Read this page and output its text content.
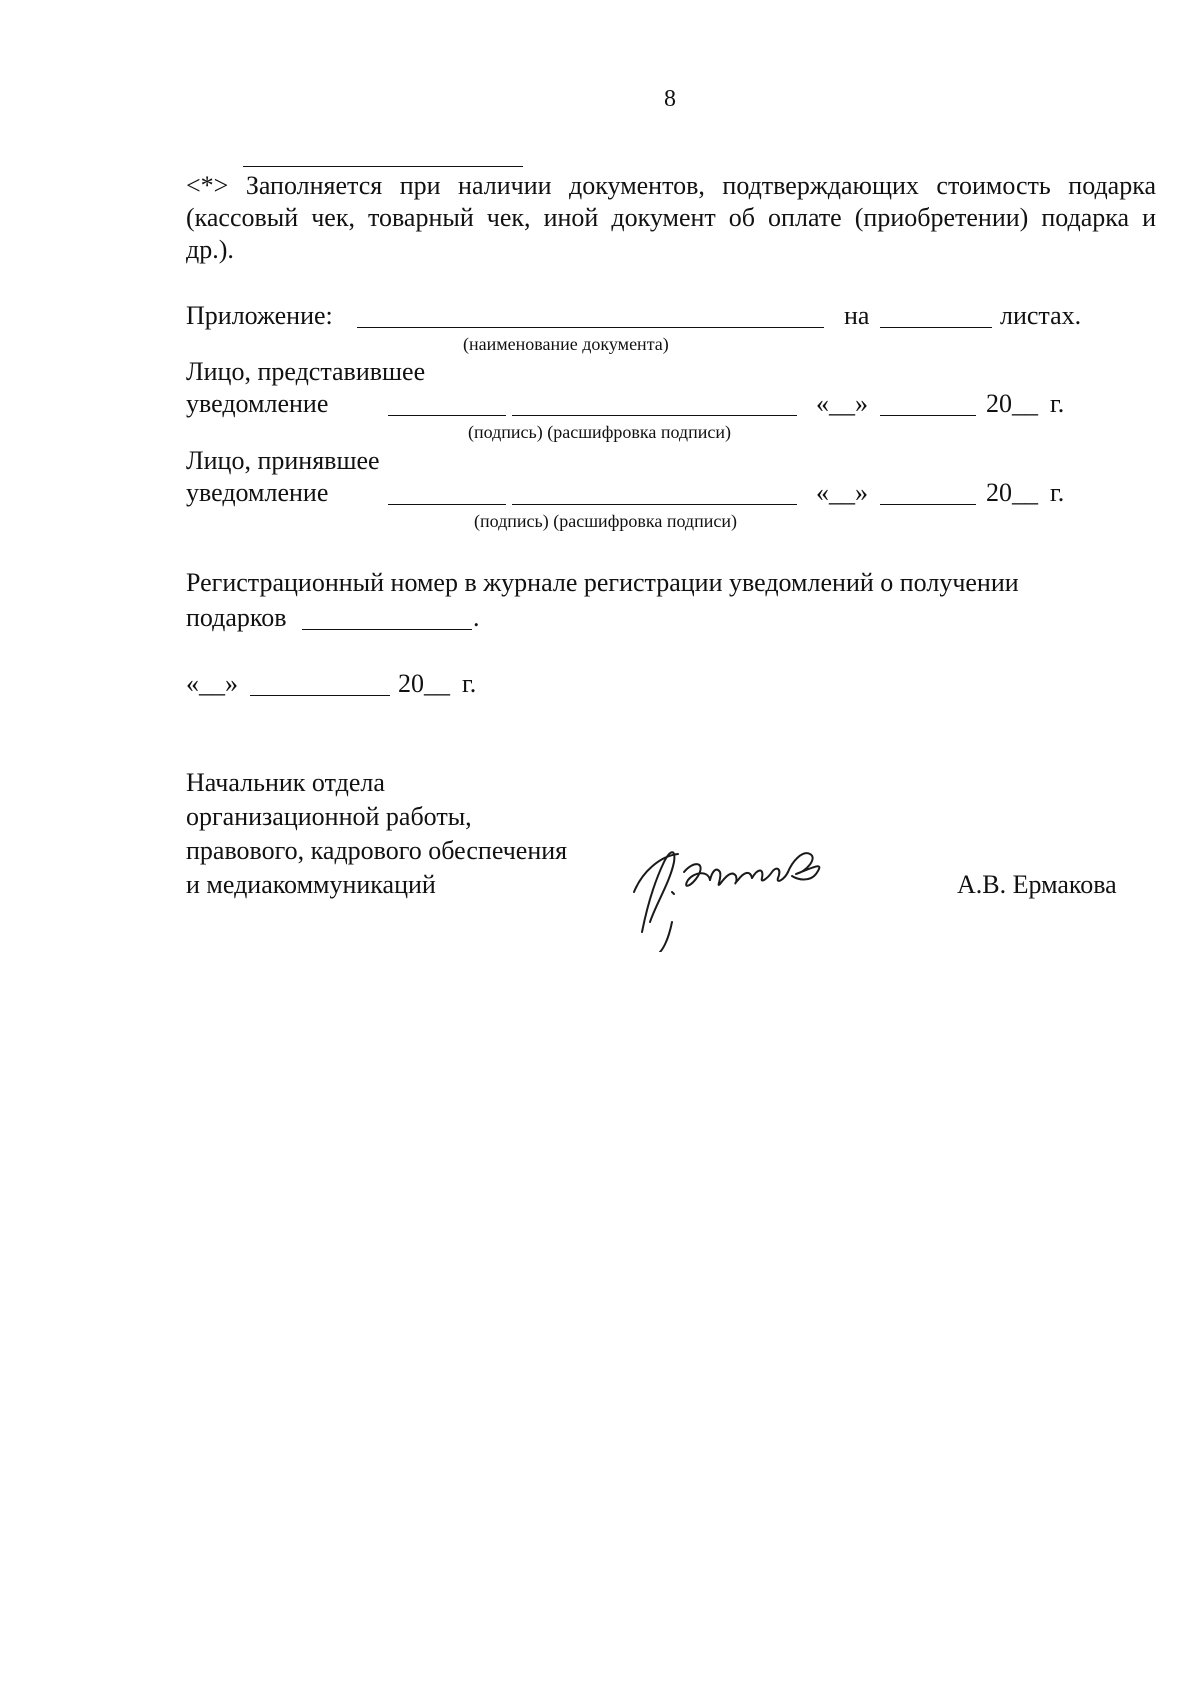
8
<*> Заполняется при наличии документов, подтверждающих стоимость подарка
(кассовый чек, товарный чек, иной документ об оплате (приобретении) подарка и
др.).
Приложение:	на	листах.
(наименование документа)
Лицо, представившее
уведомление	«__»	20__ г.
(подпись) (расшифровка подписи)
Лицо, принявшее
уведомление	«__»	20__ г.
(подпись) (расшифровка подписи)
Регистрационный номер в журнале регистрации уведомлений о получении
подарков	.
«__»	20__ г.
Начальник отдела
организационной работы,
правового, кадрового обеспечения
и медиакоммуникаций	А.В. Ермакова
